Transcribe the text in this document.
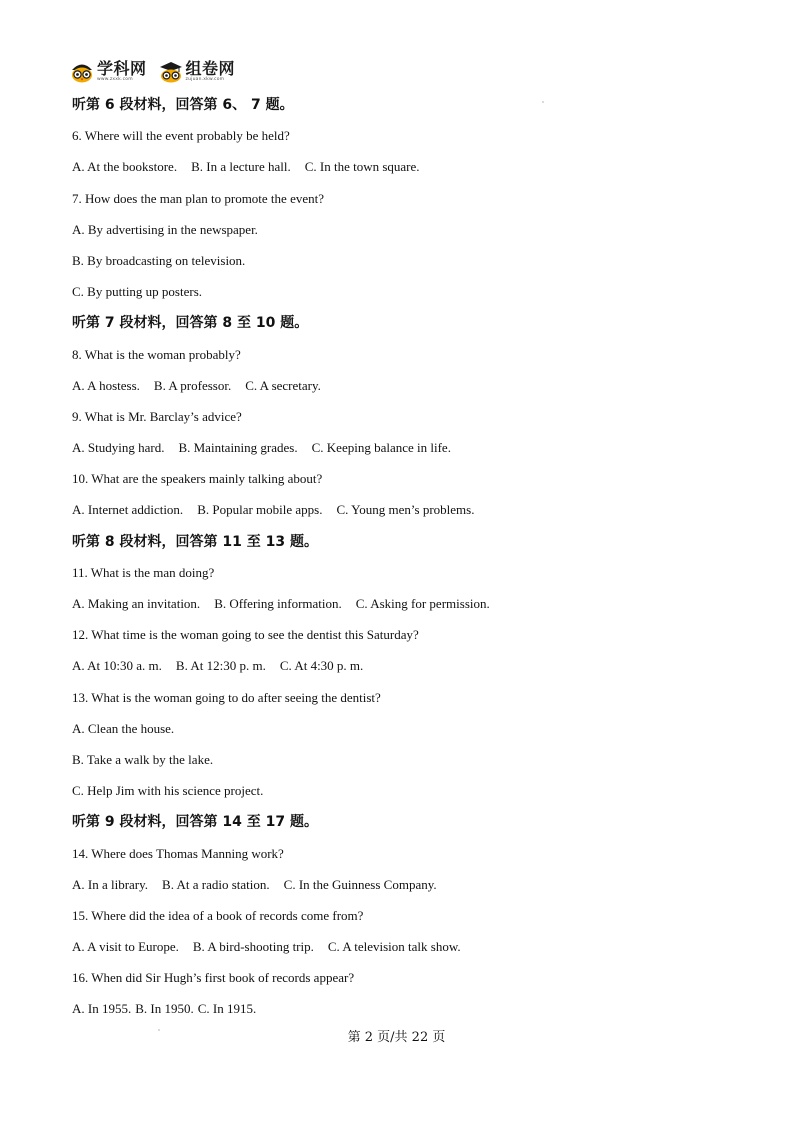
学科网
www.zxxk.com
组卷网
zujuan.xkw.com
听第 6 段材料，回答第 6、 7 题。
6. Where will the event probably be held?
A. At the bookstore. B. In a lecture hall. C. In the town square.
7. How does the man plan to promote the event?
A. By advertising in the newspaper.
B. By broadcasting on television.
C. By putting up posters.
听第 7 段材料，回答第 8 至 10 题。
8. What is the woman probably?
A. A hostess. B. A professor. C. A secretary.
9. What is Mr. Barclay’s advice?
A. Studying hard. B. Maintaining grades. C. Keeping balance in life.
10. What are the speakers mainly talking about?
A. Internet addiction. B. Popular mobile apps. C. Young men’s problems.
听第 8 段材料，回答第 11 至 13 题。
11. What is the man doing?
A. Making an invitation. B. Offering information. C. Asking for permission.
12. What time is the woman going to see the dentist this Saturday?
A. At 10:30 a. m. B. At 12:30 p. m. C. At 4:30 p. m.
13. What is the woman going to do after seeing the dentist?
A. Clean the house.
B. Take a walk by the lake.
C. Help Jim with his science project.
听第 9 段材料，回答第 14 至 17 题。
14. Where does Thomas Manning work?
A. In a library. B. At a radio station. C. In the Guinness Company.
15. Where did the idea of a book of records come from?
A. A visit to Europe. B. A bird-shooting trip. C. A television talk show.
16. When did Sir Hugh’s first book of records appear?
A. In 1955. B. In 1950. C. In 1915.
第 2 页/共 22 页
